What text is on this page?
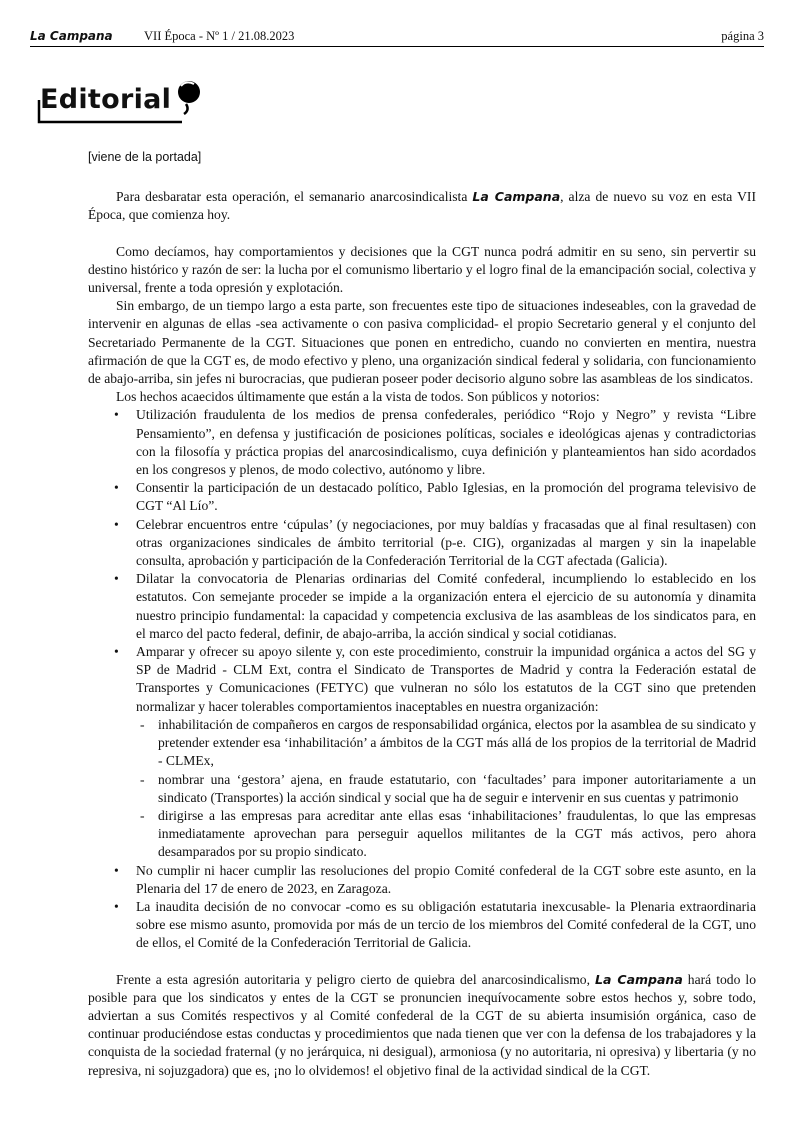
La Campana	VII Época - Nº 1 / 21.08.2023	página 3
Editorial
[viene de la portada]

Para desbaratar esta operación, el semanario anarcosindicalista La Campana, alza de nuevo su voz en esta VII Época, que comienza hoy.

Como decíamos, hay comportamientos y decisiones que la CGT nunca podrá admitir en su seno, sin pervertir su destino histórico y razón de ser: la lucha por el comunismo libertario y el logro final de la emancipación social, colectiva y universal, frente a toda opresión y explotación.

Sin embargo, de un tiempo largo a esta parte, son frecuentes este tipo de situaciones indeseables, con la gravedad de intervenir en algunas de ellas -sea activamente o con pasiva complicidad- el propio Secretario general y el conjunto del Secretariado Permanente de la CGT. Situaciones que ponen en entredicho, cuando no convierten en mentira, nuestra afirmación de que la CGT es, de modo efectivo y pleno, una organización sindical federal y solidaria, con funcionamiento de abajo-arriba, sin jefes ni burocracias, que pudieran poseer poder decisorio alguno sobre las asambleas de los sindicatos.

Los hechos acaecidos últimamente que están a la vista de todos. Son públicos y notorios:

• Utilización fraudulenta de los medios de prensa confederales, periódico “Rojo y Negro” y revista “Libre Pensamiento”, en defensa y justificación de posiciones políticas, sociales e ideológicas ajenas y contradictorias con la filosofía y práctica propias del anarcosindicalismo, cuya definición y planteamientos han sido acordados en los congresos y plenos, de modo colectivo, autónomo y libre.
• Consentir la participación de un destacado político, Pablo Iglesias, en la promoción del programa televisivo de CGT “Al Lío”.
• Celebrar encuentros entre ‘cúpulas’ (y negociaciones, por muy baldías y fracasadas que al final resultasen) con otras organizaciones sindicales de ámbito territorial (p-e. CIG), organizadas al margen y sin la inapelable consulta, aprobación y participación de la Confederación Territorial de la CGT afectada (Galicia).
• Dilatar la convocatoria de Plenarias ordinarias del Comité confederal, incumpliendo lo establecido en los estatutos. Con semejante proceder se impide a la organización entera el ejercicio de su autonomía y dinamita nuestro principio fundamental: la capacidad y competencia exclusiva de las asambleas de los sindicatos para, en el marco del pacto federal, definir, de abajo-arriba, la acción sindical y social cotidianas.
• Amparar y ofrecer su apoyo silente y, con este procedimiento, construir la impunidad orgánica a actos del SG y SP de Madrid - CLM Ext, contra el Sindicato de Transportes de Madrid y contra la Federación estatal de Transportes y Comunicaciones (FETYC) que vulneran no sólo los estatutos de la CGT sino que pretenden normalizar y hacer tolerables comportamientos inaceptables en nuestra organización:
- inhabilitación de compañeros en cargos de responsabilidad orgánica, electos por la asamblea de su sindicato y pretender extender esa ‘inhabilitación’ a ámbitos de la CGT más allá de los propios de la territorial de Madrid - CLMEx,
- nombrar una ‘gestora’ ajena, en fraude estatutario, con ‘facultades’ para imponer autoritariamente a un sindicato (Transportes) la acción sindical y social que ha de seguir e intervenir en sus cuentas y patrimonio
- dirigirse a las empresas para acreditar ante ellas esas ‘inhabilitaciones’ fraudulentas, lo que las empresas inmediatamente aprovechan para perseguir aquellos militantes de la CGT más activos, pero ahora desamparados por su propio sindicato.
• No cumplir ni hacer cumplir las resoluciones del propio Comité confederal de la CGT sobre este asunto, en la Plenaria del 17 de enero de 2023, en Zaragoza.
• La inaudita decisión de no convocar -como es su obligación estatutaria inexcusable- la Plenaria extraordinaria sobre ese mismo asunto, promovida por más de un tercio de los miembros del Comité confederal de la CGT, uno de ellos, el Comité de la Confederación Territorial de Galicia.

Frente a esta agresión autoritaria y peligro cierto de quiebra del anarcosindicalismo, La Campana hará todo lo posible para que los sindicatos y entes de la CGT se pronuncien inequívocamente sobre estos hechos y, sobre todo, adviertan a sus Comités respectivos y al Comité confederal de la CGT de su abierta insumisión orgánica, caso de continuar produciéndose estas conductas y procedimientos que nada tienen que ver con la defensa de los trabajadores y la conquista de la sociedad fraternal (y no jerárquica, ni desigual), armoniosa (y no autoritaria, ni opresiva) y libertaria (y no represiva, ni sojuzgadora) que es, ¡no lo olvidemos! el objetivo final de la actividad sindical de la CGT.
